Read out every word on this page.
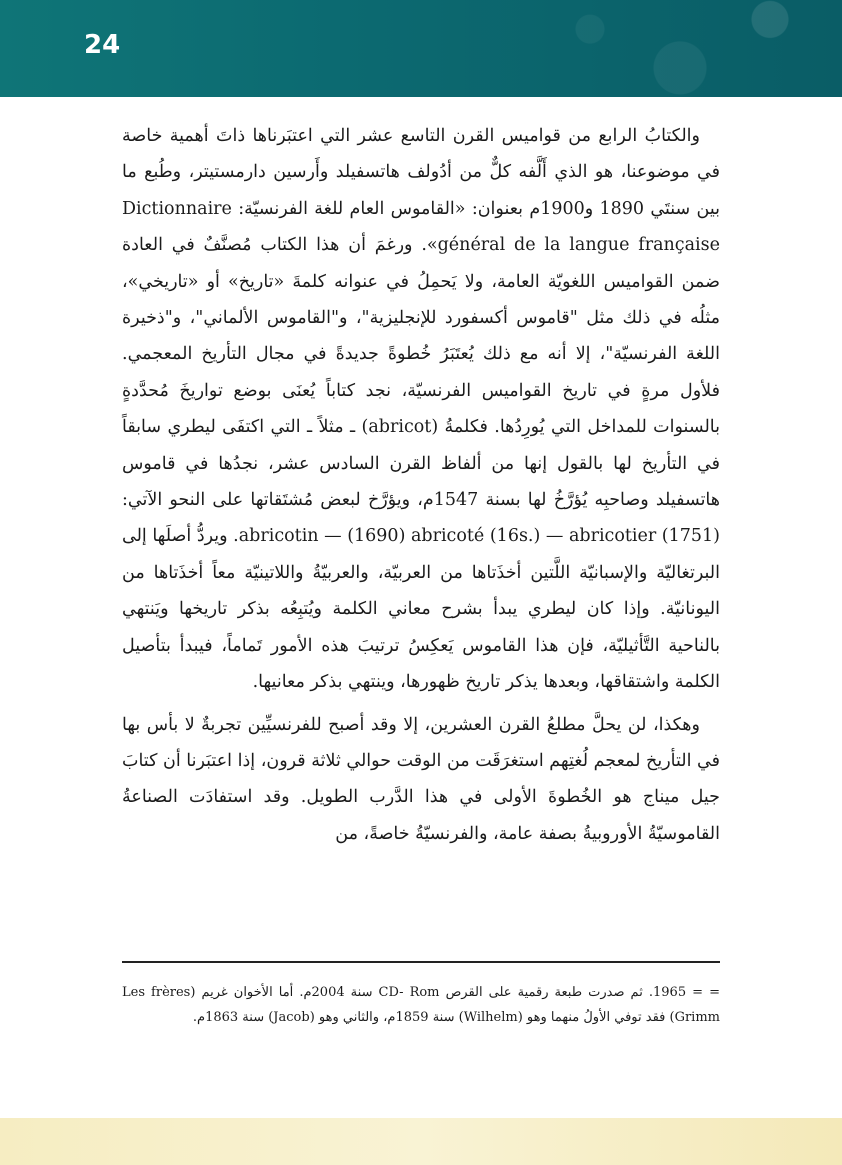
24

والكتابُ الرابع من قواميس القرن التاسع عشر التي اعتبَرناها ذاتَ أهمية خاصة في موضوعنا، هو الذي أَلَّفه كلٌّ من أدُولف هاتسفيلد وأَرسين دارمستيتر، وطُبع ما بين سنتَي 1890 و1900م بعنوان: «القاموس العام للغة الفرنسيّة: Dictionnaire général de la langue française». ورغمَ أن هذا الكتاب مُصنَّفٌ في العادة ضمن القواميس اللغويّة العامة، ولا يَحمِلُ في عنوانه كلمةَ «تاريخ» أو «تاريخي»، مثلُه في ذلك مثل "قاموس أكسفورد للإنجليزية"، و"القاموس الألماني"، و"ذخيرة اللغة الفرنسيّة"، إلا أنه مع ذلك يُعتَبَرُ خُطوةً جديدةً في مجال التأريخ المعجمي. فلأول مرةٍ في تاريخ القواميس الفرنسيّة، نجد كتاباً يُعنَى بوضع تواريخَ مُحدَّدةٍ بالسنوات للمداخل التي يُورِدُها. فكلمةُ (abricot) ـ مثلاً ـ التي اكتفَى ليطري سابقاً في التأريخ لها بالقول إنها من ألفاظ القرن السادس عشر، نجدُها في قاموس هاتسفيلد وصاحبِه يُؤرَّخُ لها بسنة 1547م، ويؤرَّخ لبعض مُشتَقاتها على النحو الآتي: abricotin — (1690) abricoté (16s.) — abricotier (1751). ويردُّ أصلَها إلى البرتغاليّة والإسبانيّة اللَّتين أخذَتاها من العربيّة، والعربيّةُ واللاتينيّة معاً أخذَتاها من اليونانيّة. وإذا كان ليطري يبدأ بشرح معاني الكلمة ويُتبِعُه بذكر تاريخها ويَنتهي بالناحية التَّأثيليّة، فإن هذا القاموس يَعكِسُ ترتيبَ هذه الأمور تَماماً، فيبدأ بتأصيل الكلمة واشتقاقها، وبعدها يذكر تاريخ ظهورها، وينتهي بذكر معانيها.

وهكذا، لن يحلَّ مطلعُ القرن العشرين، إلا وقد أصبح للفرنسيِّين تجربةٌ لا بأس بها في التأريخ لمعجم لُغتِهم استغرَقَت من الوقت حوالي ثلاثة قرون، إذا اعتبَرنا أن كتابَ جيل ميناج هو الخُطوةَ الأولى في هذا الدَّرب الطويل. وقد استفادَت الصناعةُ القاموسيّةُ الأوروبيةُ بصفة عامة، والفرنسيّةُ خاصةً، من

= = 1965. ثم صدرت طبعة رقمية على القرص CD- Rom سنة 2004م. أما الأخوان غريم (Les frères Grimm) فقد توفي الأولُ منهما وهو (Wilhelm) سنة 1859م، والثاني وهو (Jacob) سنة 1863م.
